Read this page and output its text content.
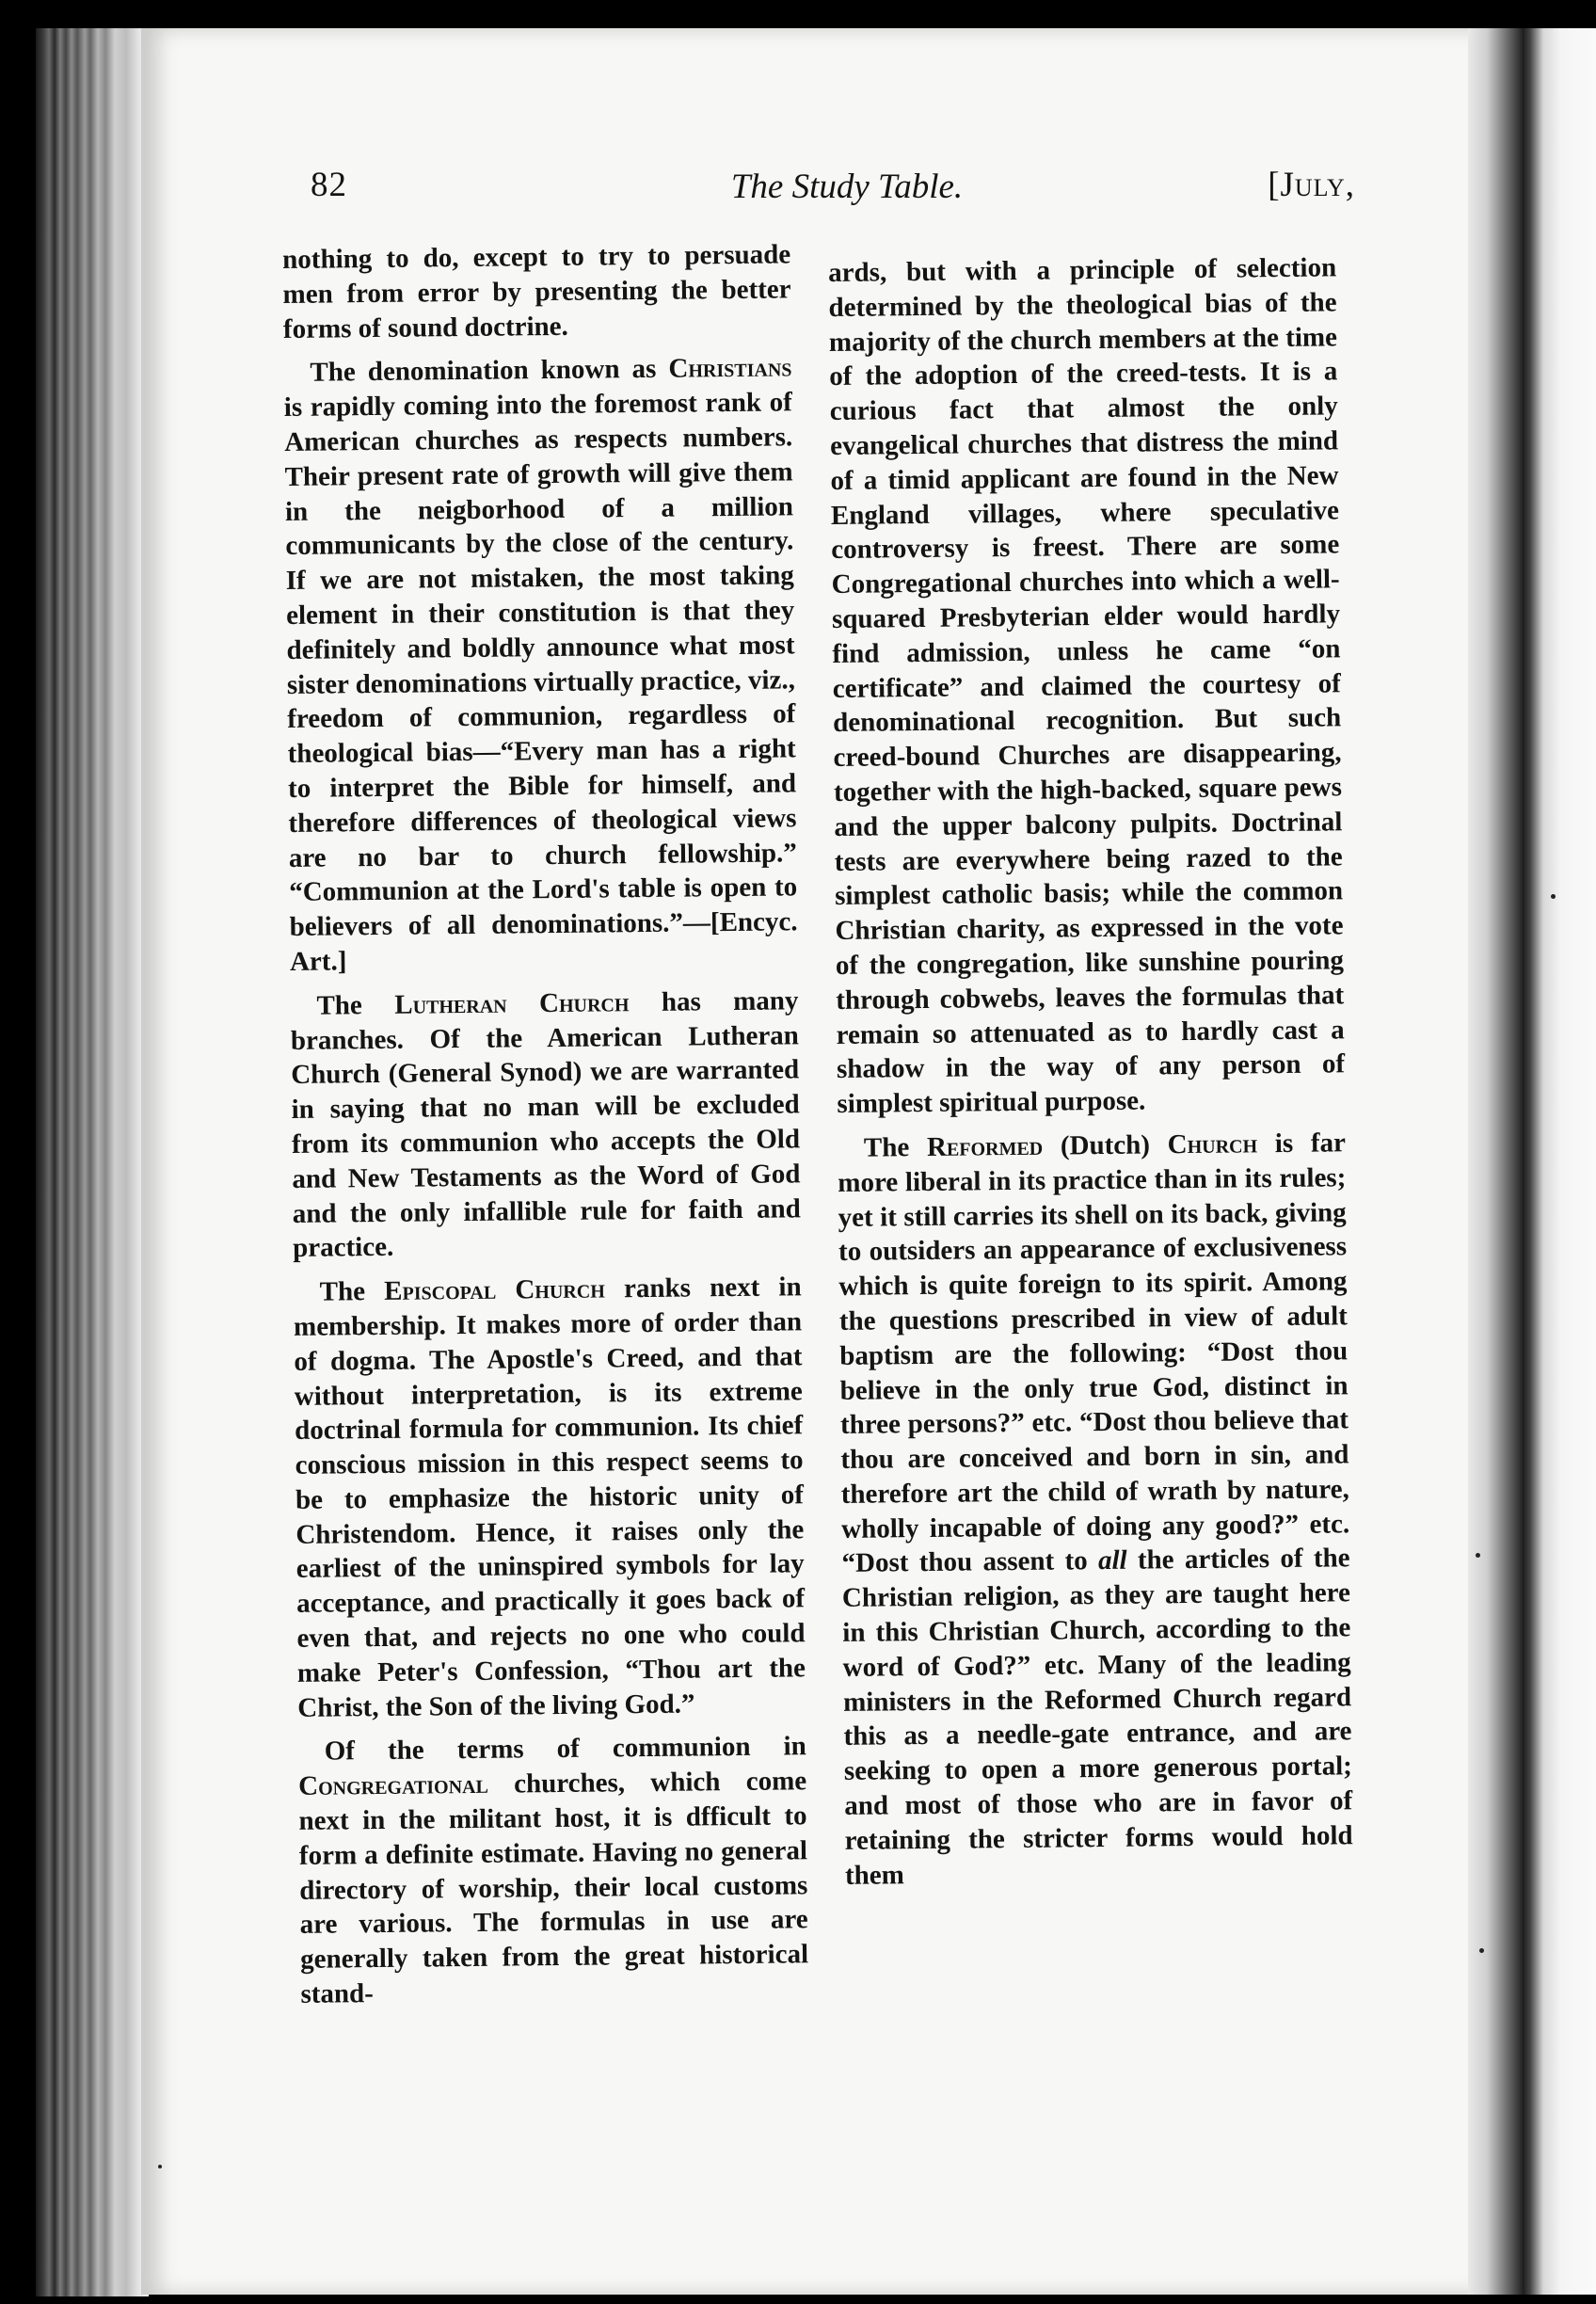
82	The Study Table.	[July,

nothing to do, except to try to persuade men from error by presenting the better forms of sound doctrine.

The denomination known as Christians is rapidly coming into the foremost rank of American churches as respects numbers. Their present rate of growth will give them in the neigborhood of a million communicants by the close of the century. If we are not mistaken, the most taking element in their constitution is that they definitely and boldly announce what most sister denominations virtually practice, viz., freedom of communion, regardless of theological bias—“Every man has a right to interpret the Bible for himself, and therefore differences of theological views are no bar to church fellowship.” “Communion at the Lord's table is open to believers of all denominations.”—[Encyc. Art.]

The Lutheran Church has many branches. Of the American Lutheran Church (General Synod) we are warranted in saying that no man will be excluded from its communion who accepts the Old and New Testaments as the Word of God and the only infallible rule for faith and practice.

The Episcopal Church ranks next in membership. It makes more of order than of dogma. The Apostle's Creed, and that without interpretation, is its extreme doctrinal formula for communion. Its chief conscious mission in this respect seems to be to emphasize the historic unity of Christendom. Hence, it raises only the earliest of the uninspired symbols for lay acceptance, and practically it goes back of even that, and rejects no one who could make Peter's Confession, “Thou art the Christ, the Son of the living God.”

Of the terms of communion in Congregational churches, which come next in the militant host, it is dfficult to form a definite estimate. Having no general directory of worship, their local customs are various. The formulas in use are generally taken from the great historical stand-

ards, but with a principle of selection determined by the theological bias of the majority of the church members at the time of the adoption of the creed-tests. It is a curious fact that almost the only evangelical churches that distress the mind of a timid applicant are found in the New England villages, where speculative controversy is freest. There are some Congregational churches into which a well-squared Presbyterian elder would hardly find admission, unless he came “on certificate” and claimed the courtesy of denominational recognition. But such creed-bound Churches are disappearing, together with the high-backed, square pews and the upper balcony pulpits. Doctrinal tests are everywhere being razed to the simplest catholic basis; while the common Christian charity, as expressed in the vote of the congregation, like sunshine pouring through cobwebs, leaves the formulas that remain so attenuated as to hardly cast a shadow in the way of any person of simplest spiritual purpose.

The Reformed (Dutch) Church is far more liberal in its practice than in its rules; yet it still carries its shell on its back, giving to outsiders an appearance of exclusiveness which is quite foreign to its spirit. Among the questions prescribed in view of adult baptism are the following: “Dost thou believe in the only true God, distinct in three persons?” etc. “Dost thou believe that thou are conceived and born in sin, and therefore art the child of wrath by nature, wholly incapable of doing any good?” etc. “Dost thou assent to all the articles of the Christian religion, as they are taught here in this Christian Church, according to the word of God?” etc. Many of the leading ministers in the Reformed Church regard this as a needle-gate entrance, and are seeking to open a more generous portal; and most of those who are in favor of retaining the stricter forms would hold them
